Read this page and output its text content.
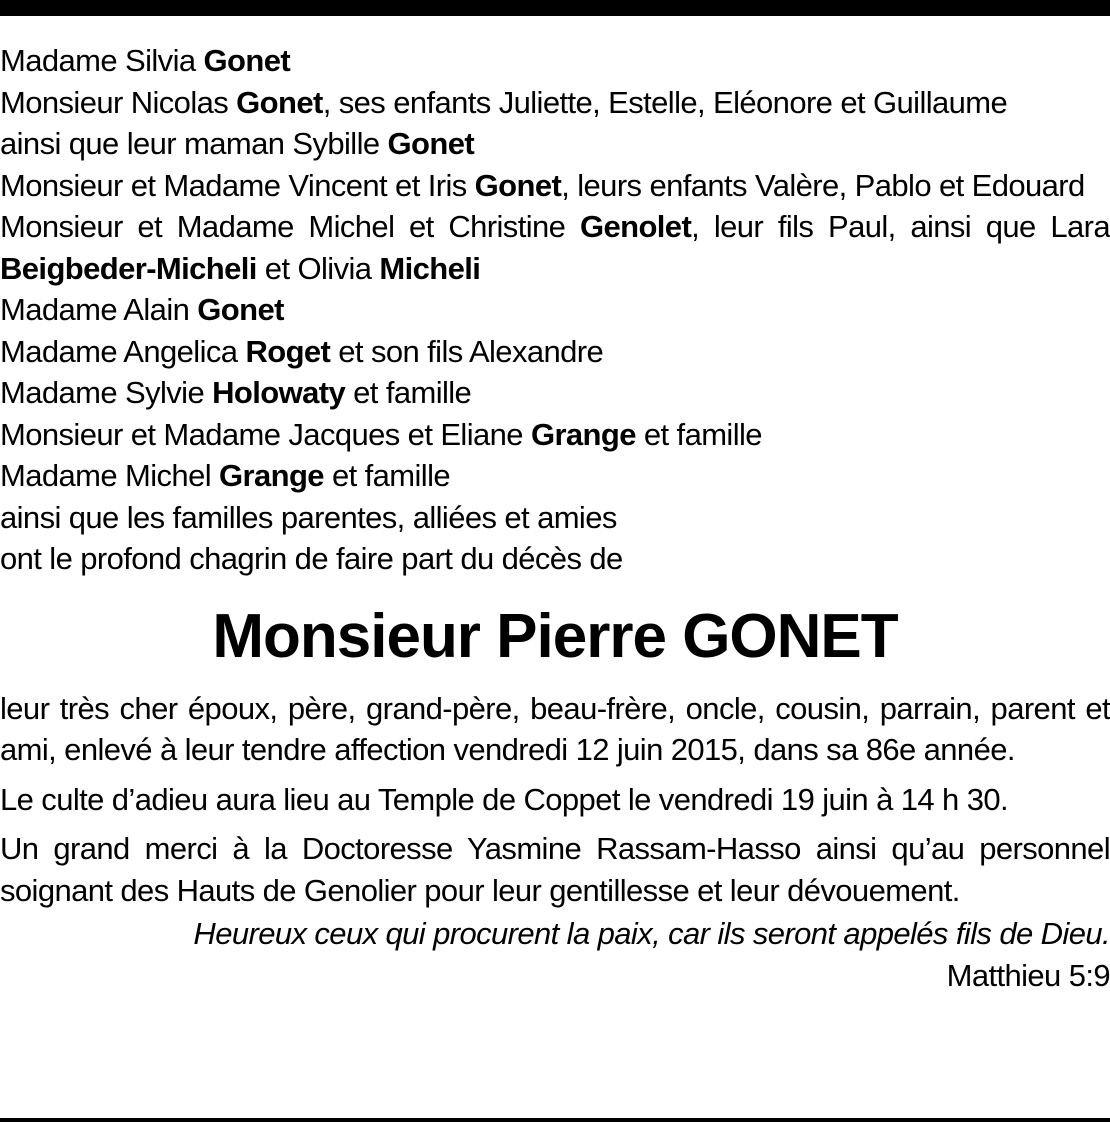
Madame Silvia Gonet
Monsieur Nicolas Gonet, ses enfants Juliette, Estelle, Eléonore et Guillaume
ainsi que leur maman Sybille Gonet
Monsieur et Madame Vincent et Iris Gonet, leurs enfants Valère, Pablo et Edouard
Monsieur et Madame Michel et Christine Genolet, leur fils Paul, ainsi que Lara Beigbeder-Micheli et Olivia Micheli
Madame Alain Gonet
Madame Angelica Roget et son fils Alexandre
Madame Sylvie Holowaty et famille
Monsieur et Madame Jacques et Eliane Grange et famille
Madame Michel Grange et famille
ainsi que les familles parentes, alliées et amies
ont le profond chagrin de faire part du décès de
Monsieur Pierre GONET
leur très cher époux, père, grand-père, beau-frère, oncle, cousin, parrain, parent et ami, enlevé à leur tendre affection vendredi 12 juin 2015, dans sa 86e année.
Le culte d’adieu aura lieu au Temple de Coppet le vendredi 19 juin à 14 h 30.
Un grand merci à la Doctoresse Yasmine Rassam-Hasso ainsi qu’au personnel soignant des Hauts de Genolier pour leur gentillesse et leur dévouement.
Heureux ceux qui procurent la paix, car ils seront appelés fils de Dieu.
Matthieu 5:9
